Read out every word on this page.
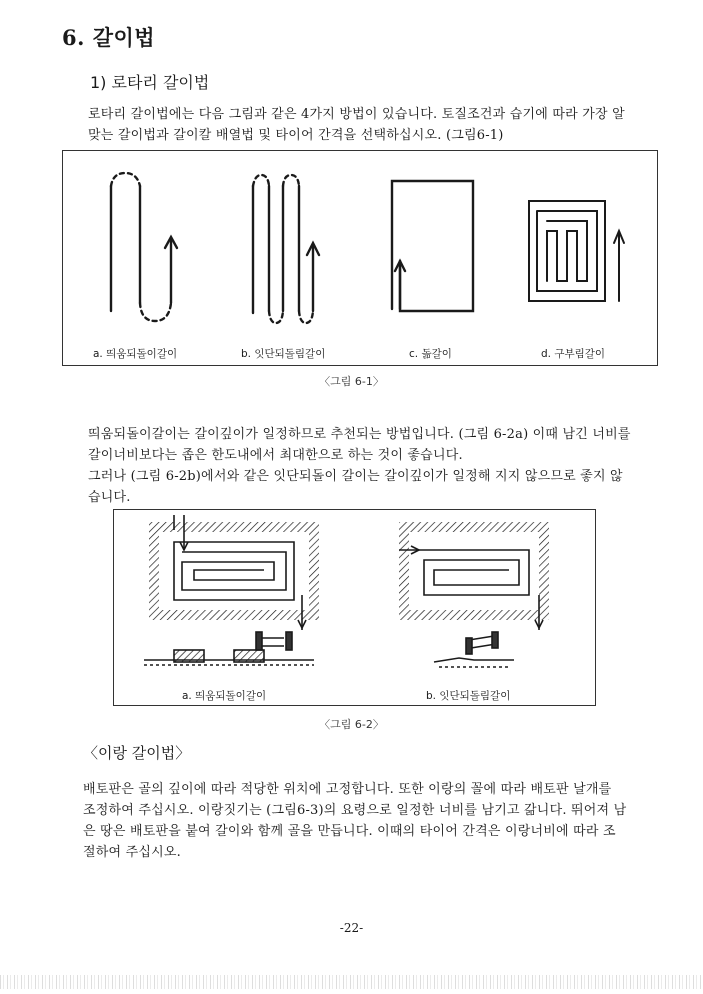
6. 갈이법
1) 로타리 갈이법
로타리 갈이법에는 다음 그림과 같은 4가지 방법이 있습니다. 토질조건과 습기에 따라 가장 알
맞는 갈이법과 갈이칼 배열법 및 타이어 간격을 선택하십시오. (그림6-1)
a. 띄움되돌이갈이	b. 잇단되돌림갈이	c. 돎갈이	d. 구부림갈이
〈그림 6-1〉
띄움되돌이갈이는 갈이깊이가 일정하므로 추천되는 방법입니다. (그림 6-2a) 이때 남긴 너비를
갈이너비보다는 좁은 한도내에서 최대한으로 하는 것이 좋습니다.
그러나 (그림 6-2b)에서와 같은 잇단되돌이 갈이는 갈이깊이가 일정해 지지 않으므로 좋지 않
습니다.
a. 띄움되돌이갈이	b. 잇단되돌림갈이
〈그림 6-2〉
〈이랑 갈이법〉
배토판은 골의 깊이에 따라 적당한 위치에 고정합니다. 또한 이랑의 꼴에 따라 배토판 날개를
조정하여 주십시오. 이랑짓기는 (그림6-3)의 요령으로 일정한 너비를 남기고 갊니다. 뛰어져 남
은 땅은 배토판을 붙여 갈이와 함께 골을 만듭니다. 이때의 타이어 간격은 이랑너비에 따라 조
절하여 주십시오.
-22-
